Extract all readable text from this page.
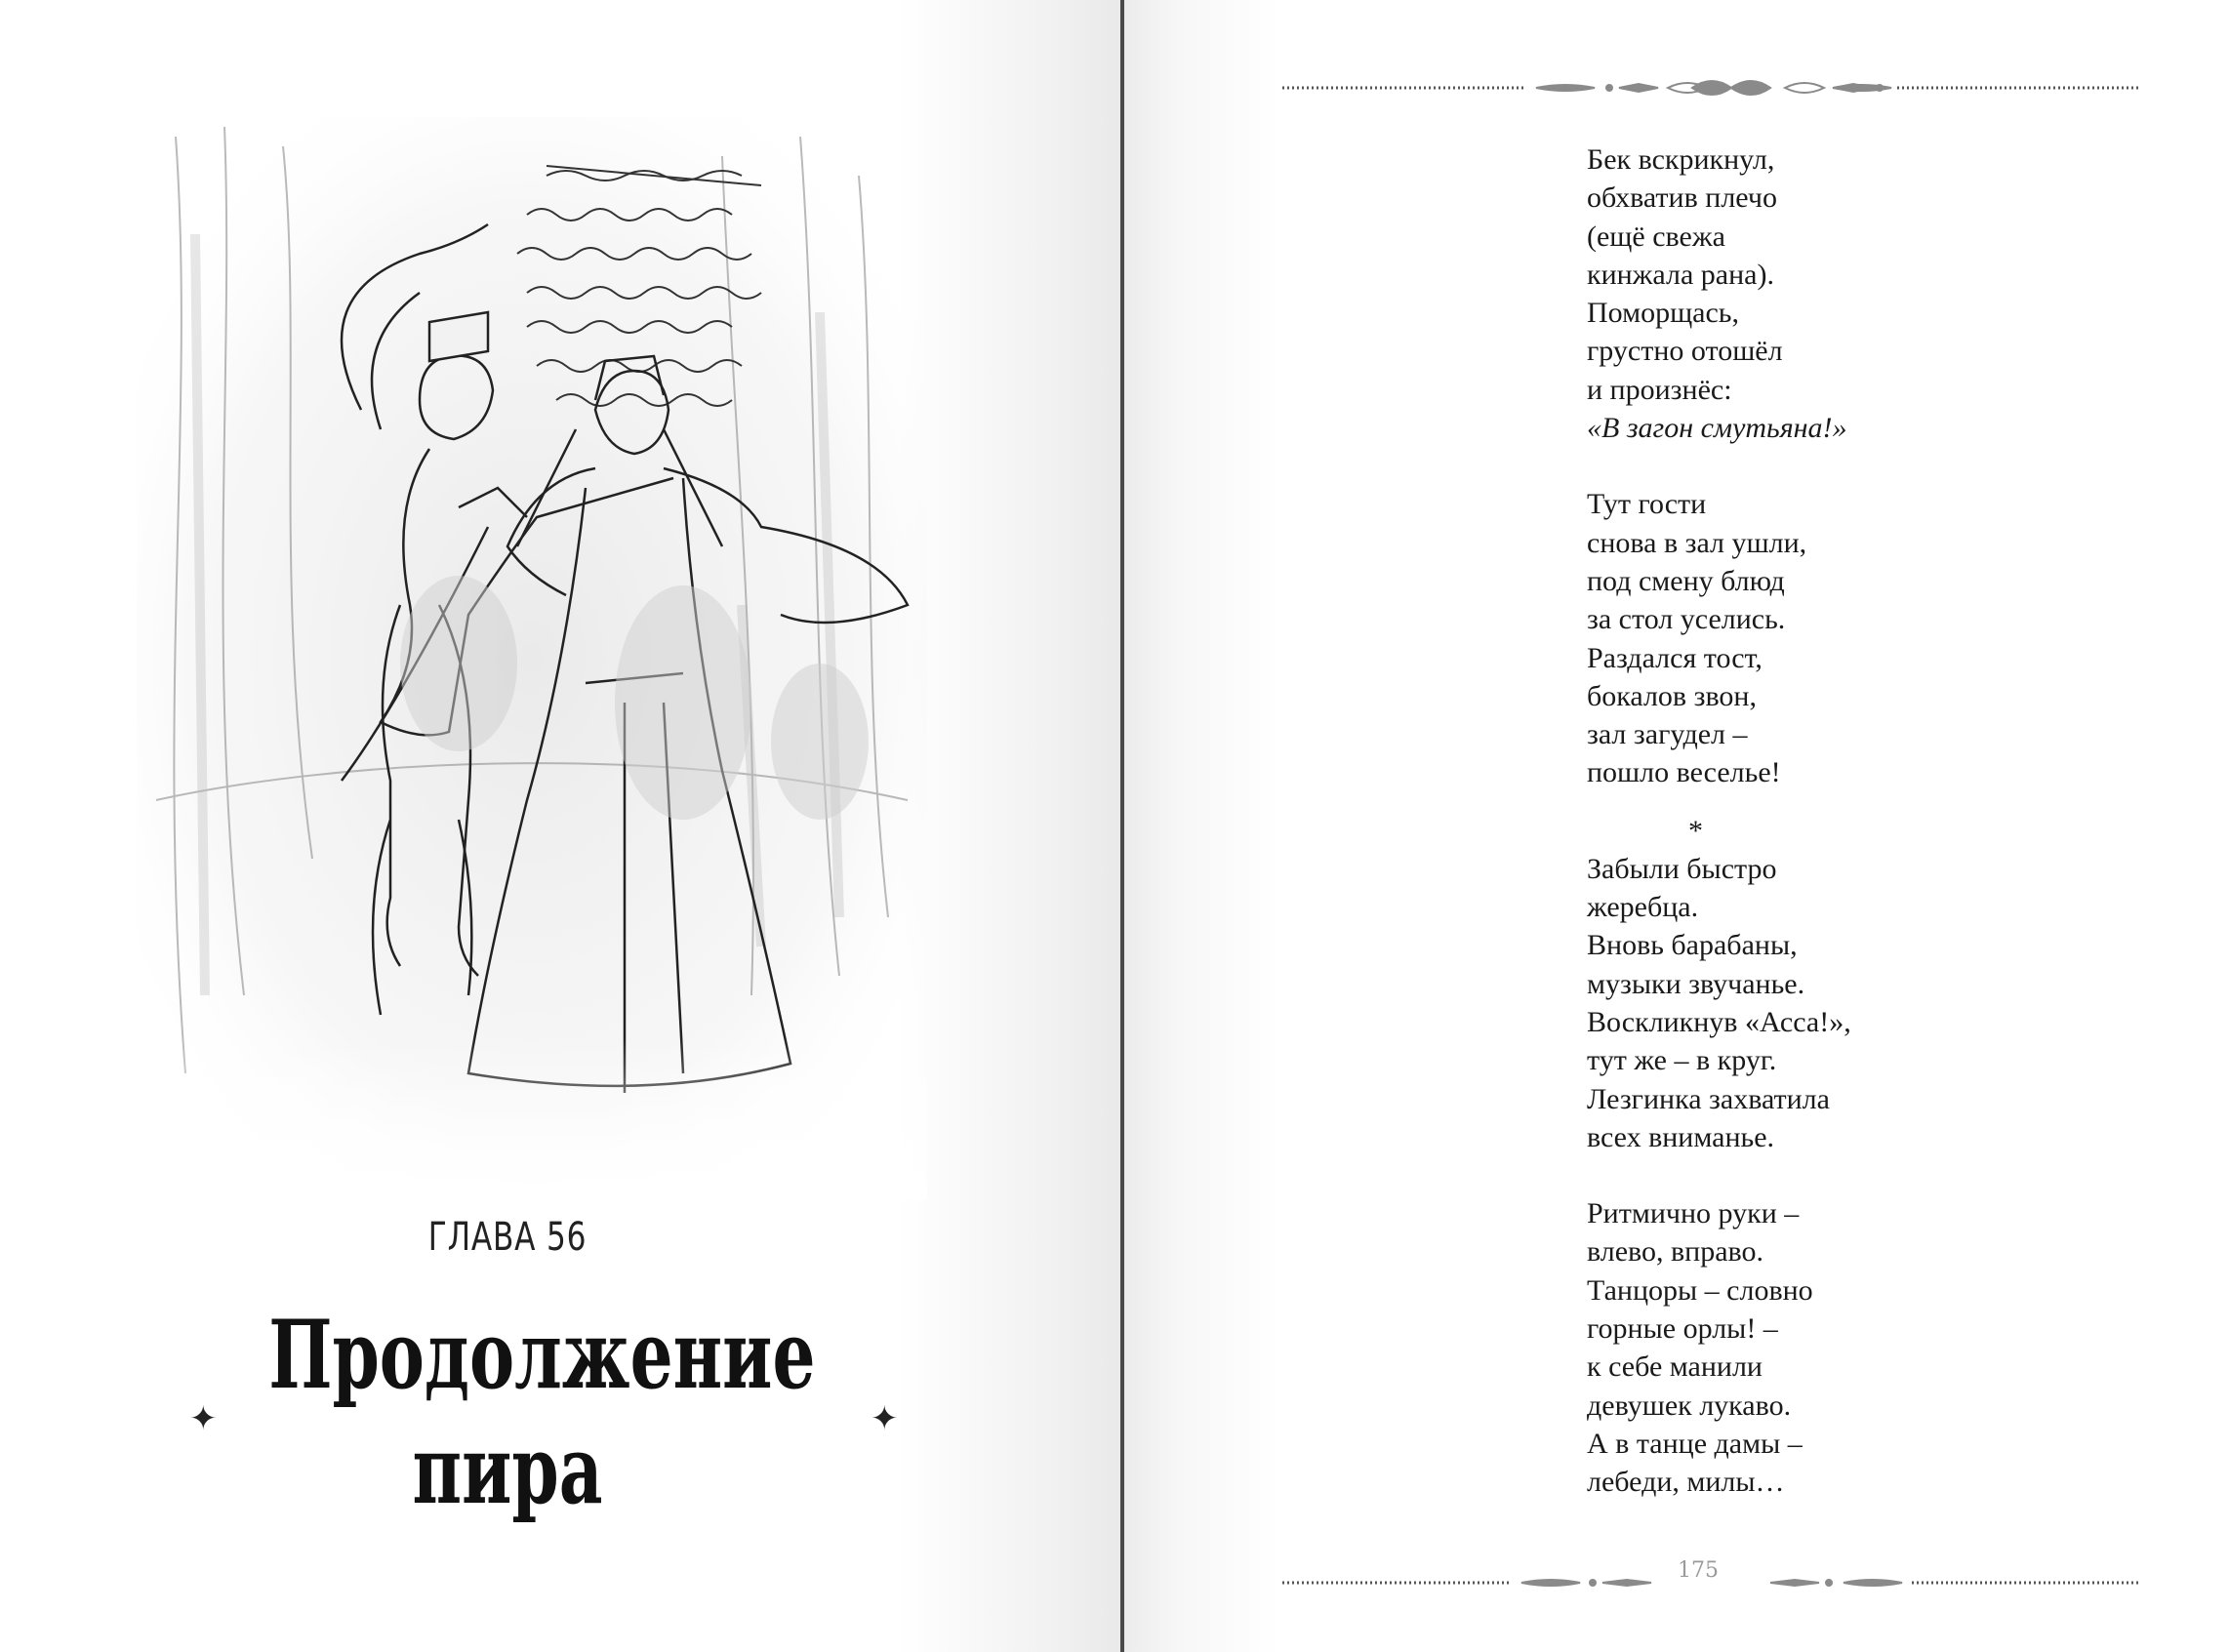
ГЛАВА 56
Продолжение
пира
✦	✦
Бек вскрикнул,
обхватив плечо
(ещё свежа
кинжала рана).
Поморщась,
грустно отошёл
и произнёс:
«В загон смутьяна!»
Тут гости
снова в зал ушли,
под смену блюд
за стол уселись.
Раздался тост,
бокалов звон,
зал загудел –
пошло веселье!
*
Забыли быстро
жеребца.
Вновь барабаны,
музыки звучанье.
Воскликнув «Асса!»,
тут же – в круг.
Лезгинка захватила
всех вниманье.
Ритмично руки –
влево, вправо.
Танцоры – словно
горные орлы! –
к себе манили
девушек лукаво.
А в танце дамы –
лебеди, милы…
175
